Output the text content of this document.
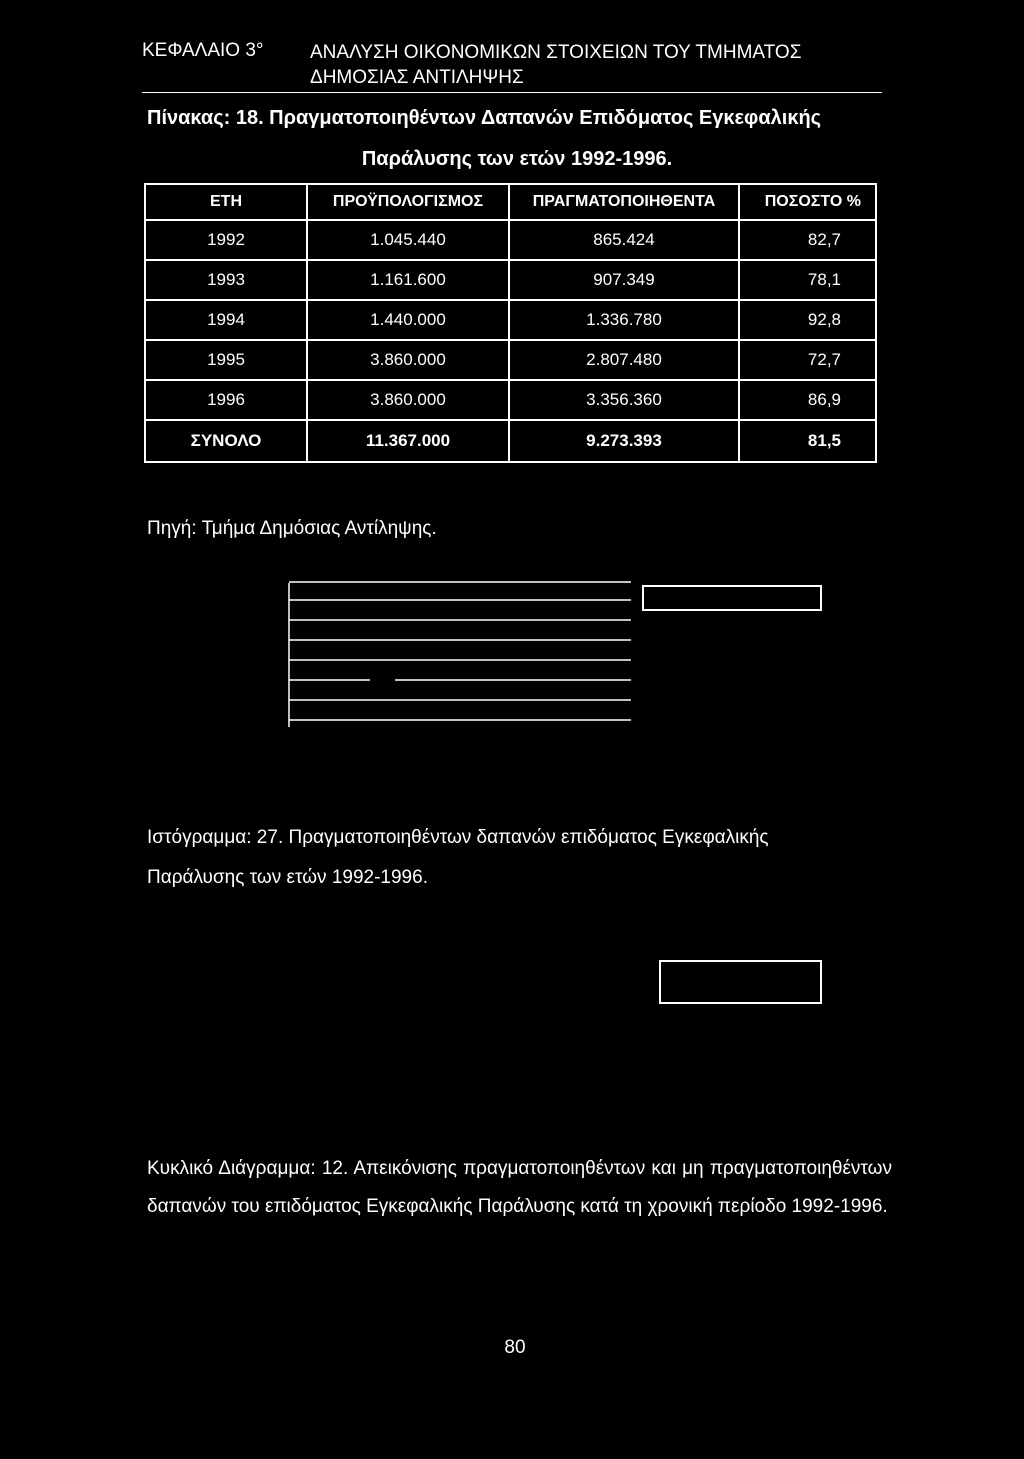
ΚΕΦΑΛΑΙΟ 3° ΑΝΑΛΥΣΗ ΟΙΚΟΝΟΜΙΚΩΝ ΣΤΟΙΧΕΙΩΝ ΤΟΥ ΤΜΗΜΑΤΟΣ ΔΗΜΟΣΙΑΣ ΑΝΤΙΛΗΨΗΣ
Πίνακας: 18. Πραγματοποιηθέντων Δαπανών Επιδόματος Εγκεφαλικής
Παράλυσης των ετών 1992-1996.
ΕΤΗ	ΠΡΟΫΠΟΛΟΓΙΣΜΟΣ	ΠΡΑΓΜΑΤΟΠΟΙΗΘΕΝΤΑ	ΠΟΣΟΣΤΟ %
1992	1.045.440	865.424	82,7
1993	1.161.600	907.349	78,1
1994	1.440.000	1.336.780	92,8
1995	3.860.000	2.807.480	72,7
1996	3.860.000	3.356.360	86,9
ΣΥΝΟΛΟ	11.367.000	9.273.393	81,5
Πηγή: Τμήμα Δημόσιας Αντίληψης.
Ιστόγραμμα: 27. Πραγματοποιηθέντων δαπανών επιδόματος Εγκεφαλικής
Παράλυσης των ετών 1992-1996.
Κυκλικό Διάγραμμα: 12. Απεικόνισης πραγματοποιηθέντων και μη πραγματοποιηθέντων δαπανών του επιδόματος Εγκεφαλικής Παράλυσης κατά τη χρονική περίοδο 1992-1996.
80
